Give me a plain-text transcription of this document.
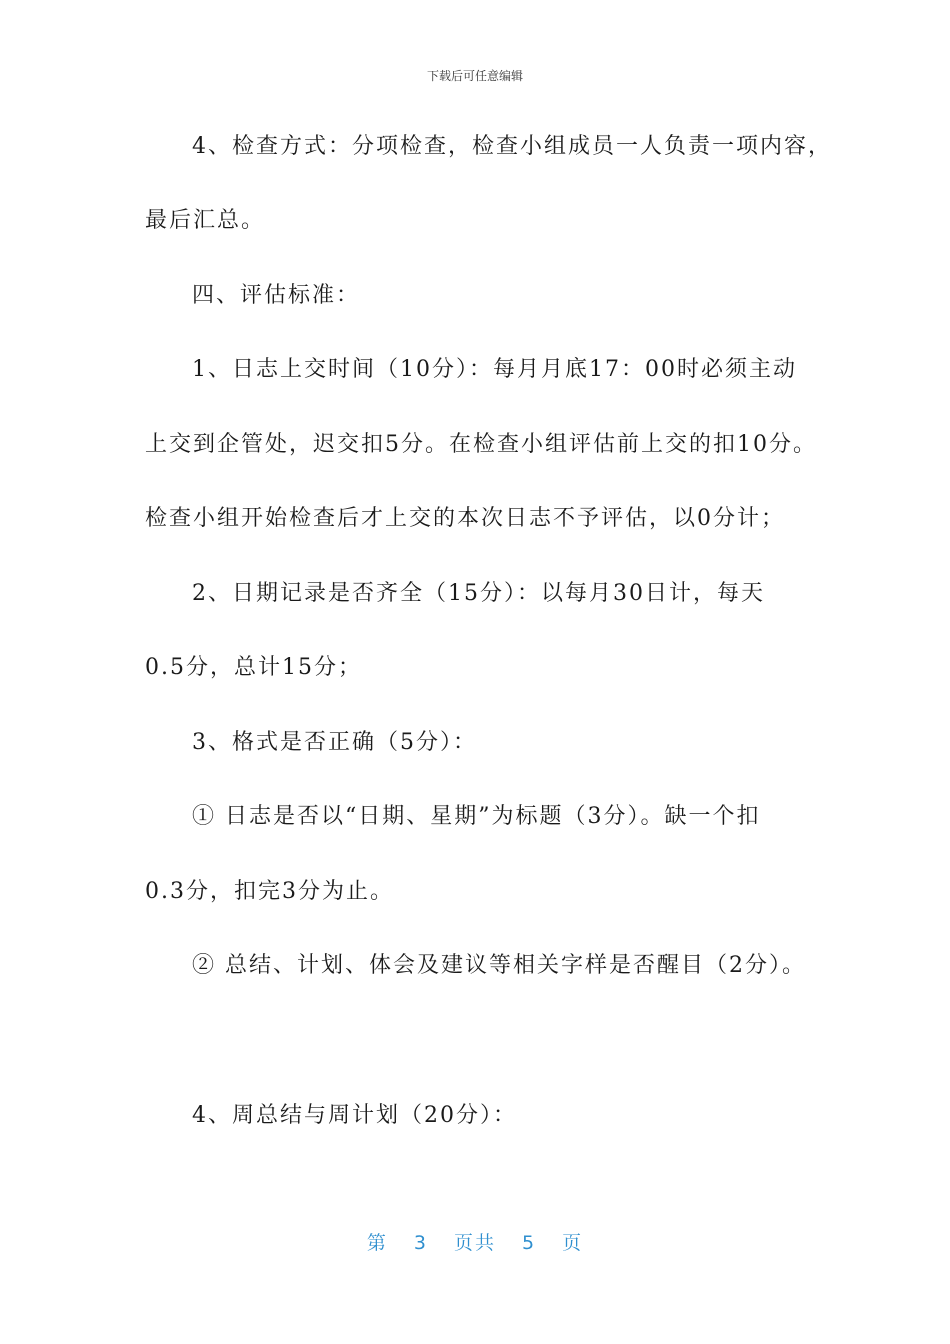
下载后可任意编辑
4、检查方式：分项检查，检查小组成员一人负责一项内容，
最后汇总。
四、评估标准：
1、日志上交时间（10分）：每月月底17：00时必须主动
上交到企管处，迟交扣5分。在检查小组评估前上交的扣10分。
检查小组开始检查后才上交的本次日志不予评估，以0分计；
2、日期记录是否齐全（15分）：以每月30日计，每天
0.5分，总计15分；
3、格式是否正确（5分）：
① 日志是否以“日期、星期”为标题（3分）。缺一个扣
0.3分，扣完3分为止。
② 总结、计划、体会及建议等相关字样是否醒目（2分）。
4、周总结与周计划（20分）：
第 3 页共 5 页
